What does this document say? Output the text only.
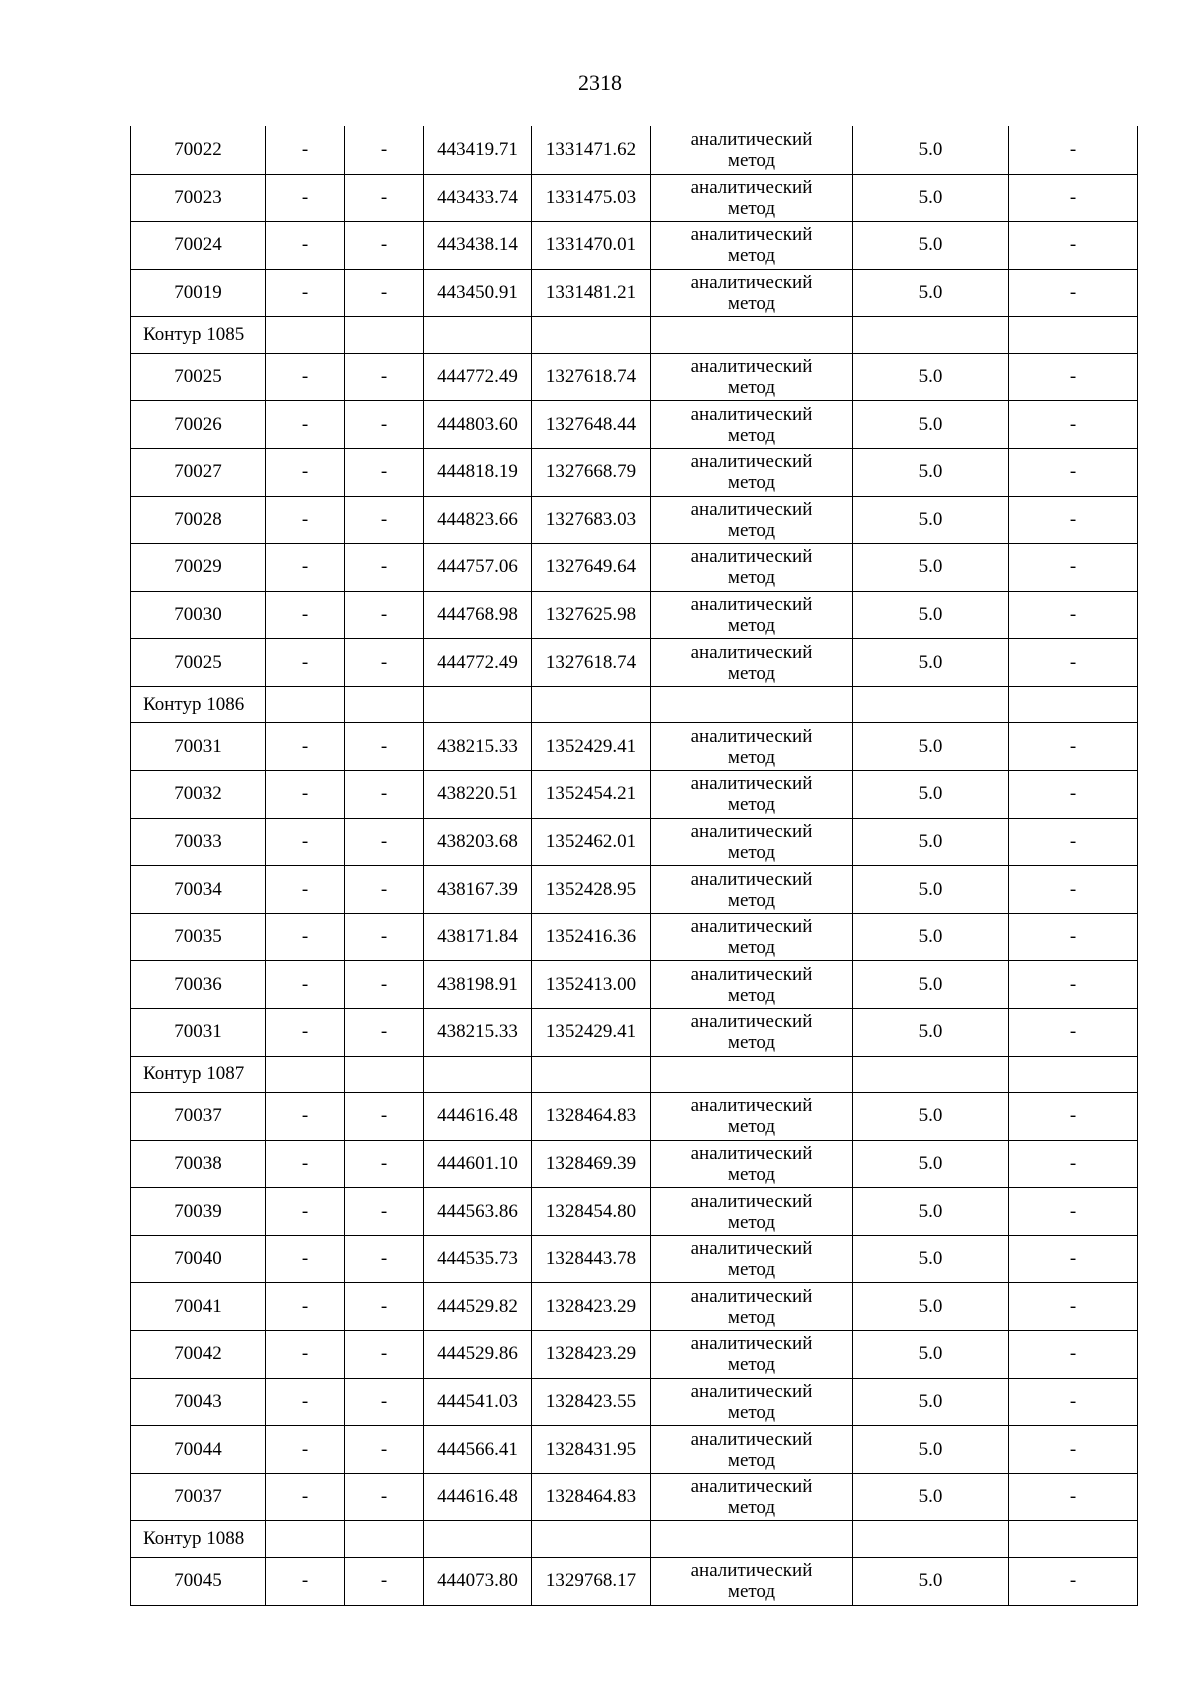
2318
70022	-	-	443419.71	1331471.62	аналитический
метод	5.0	-
70023	-	-	443433.74	1331475.03	аналитический
метод	5.0	-
70024	-	-	443438.14	1331470.01	аналитический
метод	5.0	-
70019	-	-	443450.91	1331481.21	аналитический
метод	5.0	-
Контур 1085							
70025	-	-	444772.49	1327618.74	аналитический
метод	5.0	-
70026	-	-	444803.60	1327648.44	аналитический
метод	5.0	-
70027	-	-	444818.19	1327668.79	аналитический
метод	5.0	-
70028	-	-	444823.66	1327683.03	аналитический
метод	5.0	-
70029	-	-	444757.06	1327649.64	аналитический
метод	5.0	-
70030	-	-	444768.98	1327625.98	аналитический
метод	5.0	-
70025	-	-	444772.49	1327618.74	аналитический
метод	5.0	-
Контур 1086							
70031	-	-	438215.33	1352429.41	аналитический
метод	5.0	-
70032	-	-	438220.51	1352454.21	аналитический
метод	5.0	-
70033	-	-	438203.68	1352462.01	аналитический
метод	5.0	-
70034	-	-	438167.39	1352428.95	аналитический
метод	5.0	-
70035	-	-	438171.84	1352416.36	аналитический
метод	5.0	-
70036	-	-	438198.91	1352413.00	аналитический
метод	5.0	-
70031	-	-	438215.33	1352429.41	аналитический
метод	5.0	-
Контур 1087							
70037	-	-	444616.48	1328464.83	аналитический
метод	5.0	-
70038	-	-	444601.10	1328469.39	аналитический
метод	5.0	-
70039	-	-	444563.86	1328454.80	аналитический
метод	5.0	-
70040	-	-	444535.73	1328443.78	аналитический
метод	5.0	-
70041	-	-	444529.82	1328423.29	аналитический
метод	5.0	-
70042	-	-	444529.86	1328423.29	аналитический
метод	5.0	-
70043	-	-	444541.03	1328423.55	аналитический
метод	5.0	-
70044	-	-	444566.41	1328431.95	аналитический
метод	5.0	-
70037	-	-	444616.48	1328464.83	аналитический
метод	5.0	-
Контур 1088							
70045	-	-	444073.80	1329768.17	аналитический
метод	5.0	-
